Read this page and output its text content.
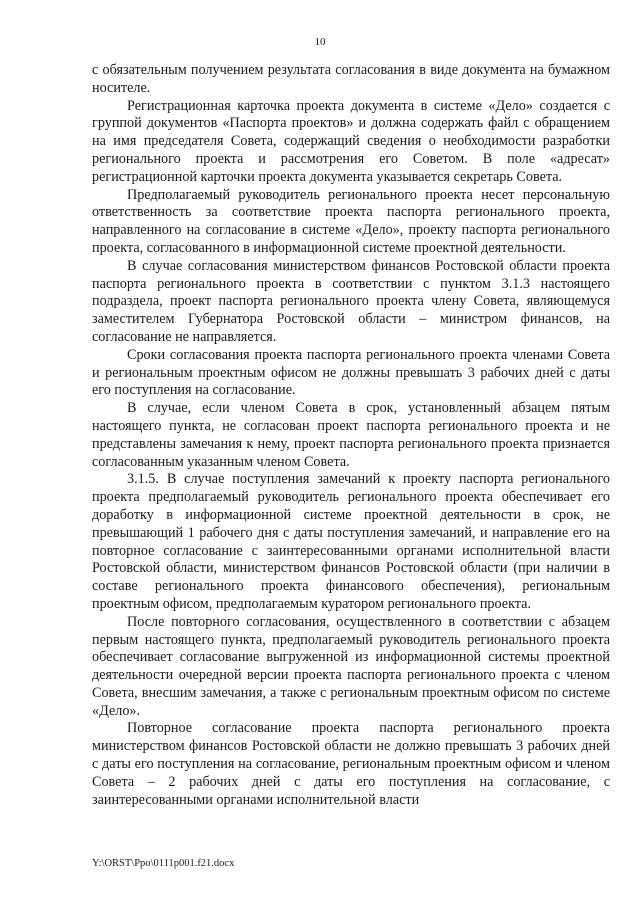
10

с обязательным получением результата согласования в виде документа на бумажном носителе.

Регистрационная карточка проекта документа в системе «Дело» создается с группой документов «Паспорта проектов» и должна содержать файл с обращением на имя председателя Совета, содержащий сведения о необходимости разработки регионального проекта и рассмотрения его Советом. В поле «адресат» регистрационной карточки проекта документа указывается секретарь Совета.

Предполагаемый руководитель регионального проекта несет персональную ответственность за соответствие проекта паспорта регионального проекта, направленного на согласование в системе «Дело», проекту паспорта регионального проекта, согласованного в информационной системе проектной деятельности.

В случае согласования министерством финансов Ростовской области проекта паспорта регионального проекта в соответствии с пунктом 3.1.3 настоящего подраздела, проект паспорта регионального проекта члену Совета, являющемуся заместителем Губернатора Ростовской области – министром финансов, на согласование не направляется.

Сроки согласования проекта паспорта регионального проекта членами Совета и региональным проектным офисом не должны превышать 3 рабочих дней с даты его поступления на согласование.

В случае, если членом Совета в срок, установленный абзацем пятым настоящего пункта, не согласован проект паспорта регионального проекта и не представлены замечания к нему, проект паспорта регионального проекта признается согласованным указанным членом Совета.

3.1.5. В случае поступления замечаний к проекту паспорта регионального проекта предполагаемый руководитель регионального проекта обеспечивает его доработку в информационной системе проектной деятельности в срок, не превышающий 1 рабочего дня с даты поступления замечаний, и направление его на повторное согласование с заинтересованными органами исполнительной власти Ростовской области, министерством финансов Ростовской области (при наличии в составе регионального проекта финансового обеспечения), региональным проектным офисом, предполагаемым куратором регионального проекта.

После повторного согласования, осуществленного в соответствии с абзацем первым настоящего пункта, предполагаемый руководитель регионального проекта обеспечивает согласование выгруженной из информационной системы проектной деятельности очередной версии проекта паспорта регионального проекта с членом Совета, внесшим замечания, а также с региональным проектным офисом по системе «Дело».

Повторное согласование проекта паспорта регионального проекта министерством финансов Ростовской области не должно превышать 3 рабочих дней с даты его поступления на согласование, региональным проектным офисом и членом Совета – 2 рабочих дней с даты его поступления на согласование, с заинтересованными органами исполнительной власти

Y:\ORST\Ppo\0111p001.f21.docx
